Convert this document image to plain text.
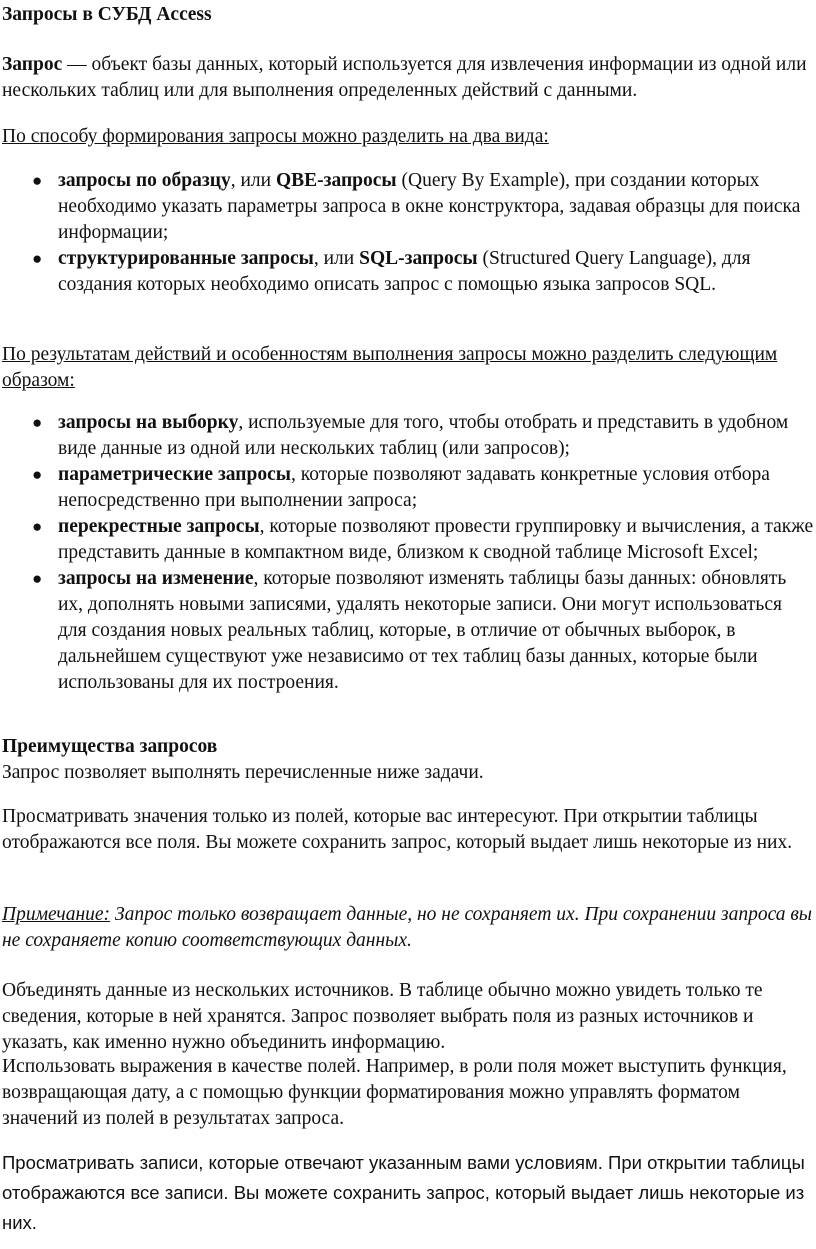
Запросы в СУБД Access

Запрос — объект базы данных, который используется для извлечения информации из одной или нескольких таблиц или для выполнения определенных действий с данными.

По способу формирования запросы можно разделить на два вида:

● запросы по образцу, или QBE-запросы (Query By Example), при создании которых необходимо указать параметры запроса в окне конструктора, задавая образцы для поиска информации;
● структурированные запросы, или SQL-запросы (Structured Query Language), для создания которых необходимо описать запрос с помощью языка запросов SQL.

По результатам действий и особенностям выполнения запросы можно разделить следующим образом:

● запросы на выборку, используемые для того, чтобы отобрать и представить в удобном виде данные из одной или нескольких таблиц (или запросов);
● параметрические запросы, которые позволяют задавать конкретные условия отбора непосредственно при выполнении запроса;
● перекрестные запросы, которые позволяют провести группировку и вычисления, а также представить данные в компактном виде, близком к сводной таблице Microsoft Excel;
● запросы на изменение, которые позволяют изменять таблицы базы данных: обновлять их, дополнять новыми записями, удалять некоторые записи. Они могут использоваться для создания новых реальных таблиц, которые, в отличие от обычных выборок, в дальнейшем существуют уже независимо от тех таблиц базы данных, которые были использованы для их построения.

Преимущества запросов

Запрос позволяет выполнять перечисленные ниже задачи.

Просматривать значения только из полей, которые вас интересуют. При открытии таблицы отображаются все поля. Вы можете сохранить запрос, который выдает лишь некоторые из них.

Примечание: Запрос только возвращает данные, но не сохраняет их. При сохранении запроса вы не сохраняете копию соответствующих данных.

Объединять данные из нескольких источников. В таблице обычно можно увидеть только те сведения, которые в ней хранятся. Запрос позволяет выбрать поля из разных источников и указать, как именно нужно объединить информацию.

Использовать выражения в качестве полей. Например, в роли поля может выступить функция, возвращающая дату, а с помощью функции форматирования можно управлять форматом значений из полей в результатах запроса.

Просматривать записи, которые отвечают указанным вами условиям. При открытии таблицы отображаются все записи. Вы можете сохранить запрос, который выдает лишь некоторые из них.
